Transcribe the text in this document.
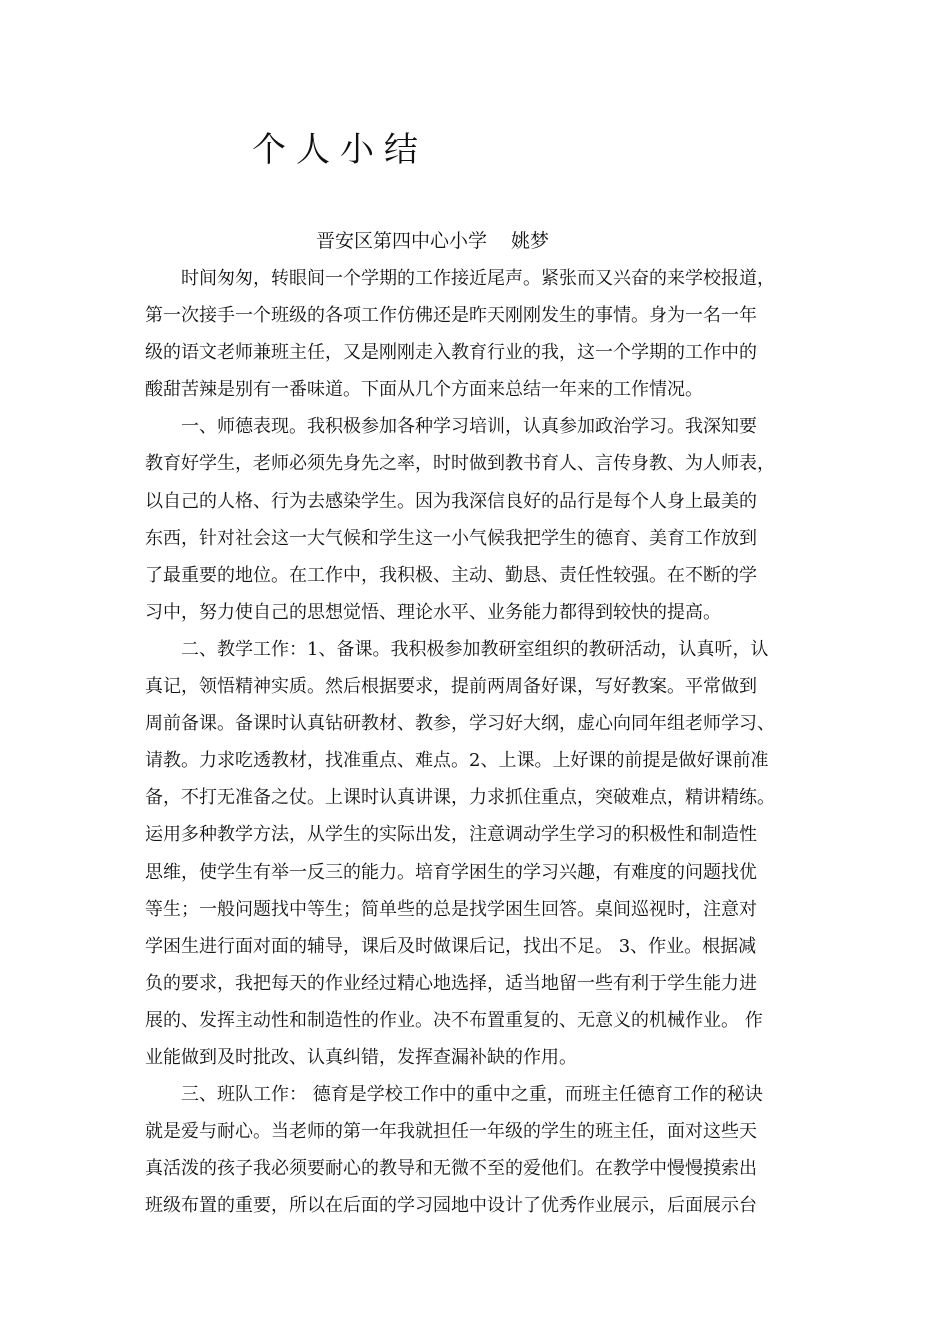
个人小结
晋安区第四中心小学 姚梦
时间匆匆，转眼间一个学期的工作接近尾声。紧张而又兴奋的来学校报道，
第一次接手一个班级的各项工作仿佛还是昨天刚刚发生的事情。身为一名一年
级的语文老师兼班主任，又是刚刚走入教育行业的我，这一个学期的工作中的
酸甜苦辣是别有一番味道。下面从几个方面来总结一年来的工作情况。
一、师德表现。我积极参加各种学习培训，认真参加政治学习。我深知要
教育好学生，老师必须先身先之率，时时做到教书育人、言传身教、为人师表，
以自己的人格、行为去感染学生。因为我深信良好的品行是每个人身上最美的
东西，针对社会这一大气候和学生这一小气候我把学生的德育、美育工作放到
了最重要的地位。在工作中，我积极、主动、勤恳、责任性较强。在不断的学
习中，努力使自己的思想觉悟、理论水平、业务能力都得到较快的提高。
二、教学工作：1、备课。我积极参加教研室组织的教研活动，认真听，认
真记，领悟精神实质。然后根据要求，提前两周备好课，写好教案。平常做到
周前备课。备课时认真钻研教材、教参，学习好大纲，虚心向同年组老师学习、
请教。力求吃透教材，找准重点、难点。2、上课。上好课的前提是做好课前准
备，不打无准备之仗。上课时认真讲课，力求抓住重点，突破难点，精讲精练。
运用多种教学方法，从学生的实际出发，注意调动学生学习的积极性和制造性
思维，使学生有举一反三的能力。培育学困生的学习兴趣，有难度的问题找优
等生；一般问题找中等生；简单些的总是找学困生回答。桌间巡视时，注意对
学困生进行面对面的辅导，课后及时做课后记，找出不足。 3、作业。根据减
负的要求，我把每天的作业经过精心地选择，适当地留一些有利于学生能力进
展的、发挥主动性和制造性的作业。决不布置重复的、无意义的机械作业。 作
业能做到及时批改、认真纠错，发挥查漏补缺的作用。
三、班队工作： 德育是学校工作中的重中之重，而班主任德育工作的秘诀
就是爱与耐心。当老师的第一年我就担任一年级的学生的班主任，面对这些天
真活泼的孩子我必须要耐心的教导和无微不至的爱他们。在教学中慢慢摸索出
班级布置的重要，所以在后面的学习园地中设计了优秀作业展示，后面展示台
